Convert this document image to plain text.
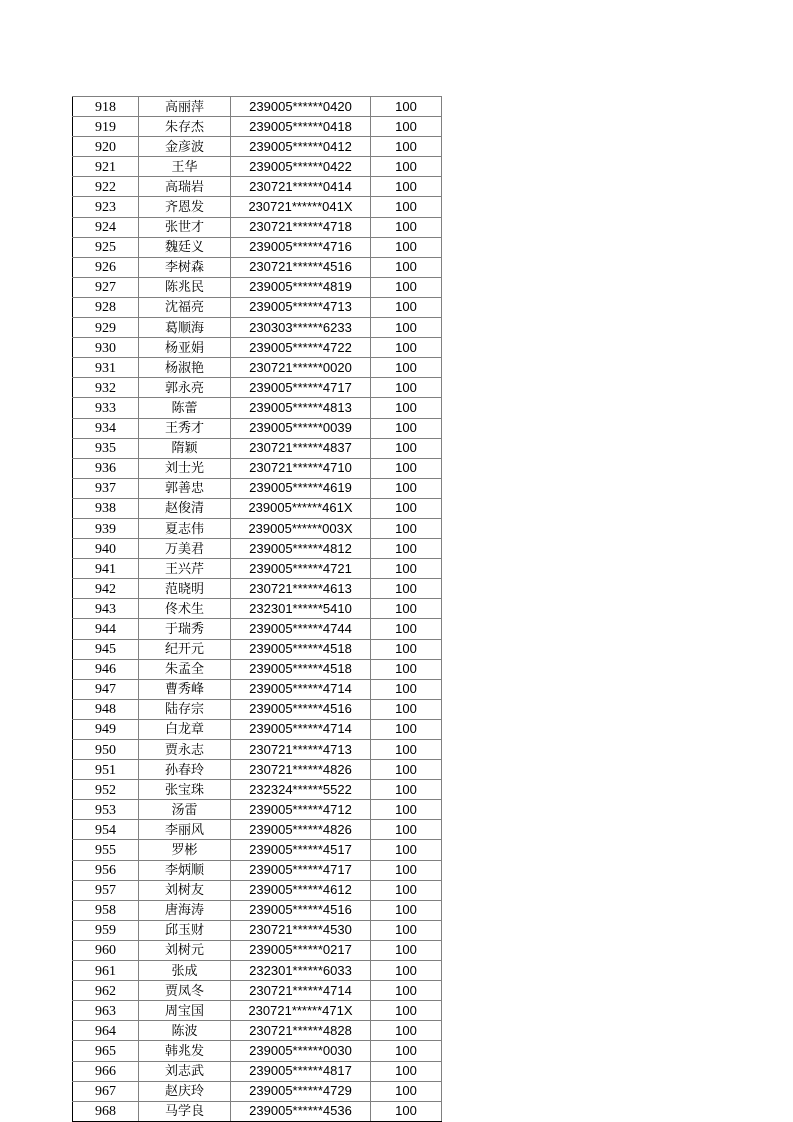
918	高丽萍	239005******0420	100
919	朱存杰	239005******0418	100
920	金彦波	239005******0412	100
921	王华	239005******0422	100
922	高瑞岩	230721******0414	100
923	齐恩发	230721******041X	100
924	张世才	230721******4718	100
925	魏廷义	239005******4716	100
926	李树森	230721******4516	100
927	陈兆民	239005******4819	100
928	沈福亮	239005******4713	100
929	葛顺海	230303******6233	100
930	杨亚娟	239005******4722	100
931	杨淑艳	230721******0020	100
932	郭永亮	239005******4717	100
933	陈蕾	239005******4813	100
934	王秀才	239005******0039	100
935	隋颖	230721******4837	100
936	刘士光	230721******4710	100
937	郭善忠	239005******4619	100
938	赵俊清	239005******461X	100
939	夏志伟	239005******003X	100
940	万美君	239005******4812	100
941	王兴芹	239005******4721	100
942	范晓明	230721******4613	100
943	佟术生	232301******5410	100
944	于瑞秀	239005******4744	100
945	纪开元	239005******4518	100
946	朱孟全	239005******4518	100
947	曹秀峰	239005******4714	100
948	陆存宗	239005******4516	100
949	白龙章	239005******4714	100
950	贾永志	230721******4713	100
951	孙春玲	230721******4826	100
952	张宝珠	232324******5522	100
953	汤雷	239005******4712	100
954	李丽风	239005******4826	100
955	罗彬	239005******4517	100
956	李炳顺	239005******4717	100
957	刘树友	239005******4612	100
958	唐海涛	239005******4516	100
959	邱玉财	230721******4530	100
960	刘树元	239005******0217	100
961	张成	232301******6033	100
962	贾凤冬	230721******4714	100
963	周宝国	230721******471X	100
964	陈波	230721******4828	100
965	韩兆发	239005******0030	100
966	刘志武	239005******4817	100
967	赵庆玲	239005******4729	100
968	马学良	239005******4536	100
